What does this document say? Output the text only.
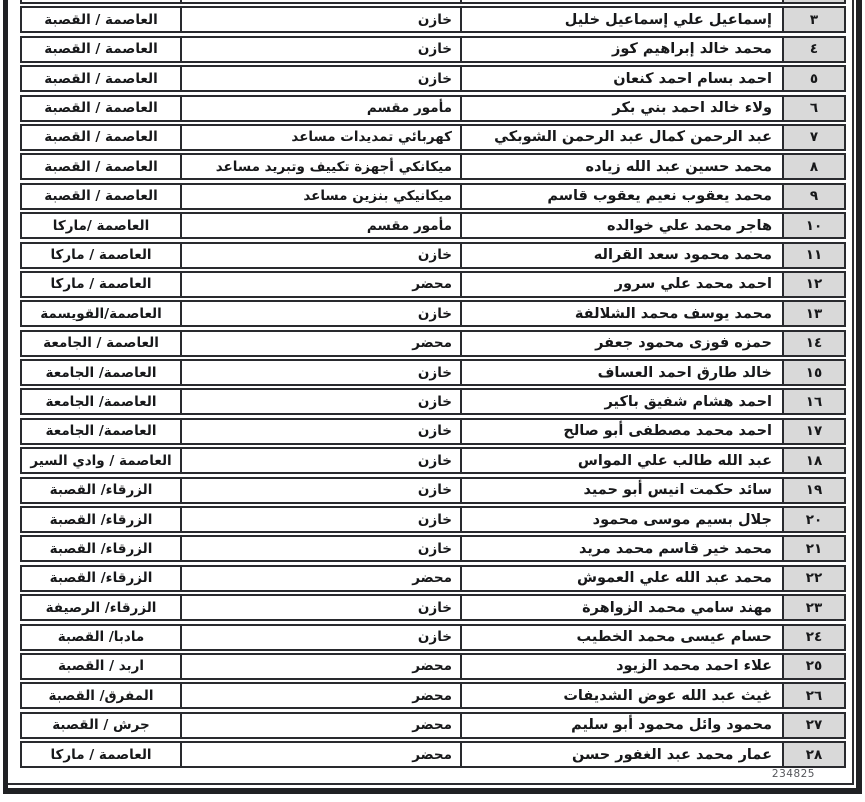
٣
إسماعيل علي إسماعيل خليل
خازن
العاصمة / القصبة
٤
محمد خالد إبراهيم كوز
خازن
العاصمة / القصبة
٥
احمد بسام احمد كنعان
خازن
العاصمة / القصبة
٦
ولاء خالد احمد بني بكر
مأمور مقسم
العاصمة / القصبة
٧
عبد الرحمن كمال عبد الرحمن الشوبكي
كهربائي تمديدات مساعد
العاصمة / القصبة
٨
محمد حسين عبد الله زياده
ميكانكي أجهزة تكييف وتبريد مساعد
العاصمة / القصبة
٩
محمد يعقوب نعيم يعقوب قاسم
ميكانيكي بنزين مساعد
العاصمة / القصبة
١٠
هاجر محمد علي خوالده
مأمور مقسم
العاصمة /ماركا
١١
محمد محمود سعد القراله
خازن
العاصمة / ماركا
١٢
احمد محمد علي سرور
محضر
العاصمة / ماركا
١٣
محمد يوسف محمد الشلالفة
خازن
العاصمة/القويسمة
١٤
حمزه فوزى محمود جعفر
محضر
العاصمة / الجامعة
١٥
خالد طارق احمد العساف
خازن
العاصمة/ الجامعة
١٦
احمد هشام شفيق باكير
خازن
العاصمة/ الجامعة
١٧
احمد محمد مصطفى أبو صالح
خازن
العاصمة/ الجامعة
١٨
عبد الله طالب علي المواس
خازن
العاصمة / وادي السير
١٩
سائد حكمت انيس أبو حميد
خازن
الزرقاء/ القصبة
٢٠
جلال بسيم موسى محمود
خازن
الزرقاء/ القصبة
٢١
محمد خير قاسم محمد مريد
خازن
الزرقاء/ القصبة
٢٢
محمد عبد الله علي العموش
محضر
الزرقاء/ القصبة
٢٣
مهند سامي محمد الزواهرة
خازن
الزرقاء/ الرصيفة
٢٤
حسام عيسى محمد الخطيب
خازن
مادبا/ القصبة
٢٥
علاء احمد محمد الزيود
محضر
اربد / القصبة
٢٦
غيث عبد الله عوض الشديفات
محضر
المفرق/ القصبة
٢٧
محمود وائل محمود أبو سليم
محضر
جرش / القصبة
٢٨
عمار محمد عبد الغفور حسن
محضر
العاصمة / ماركا
234825
